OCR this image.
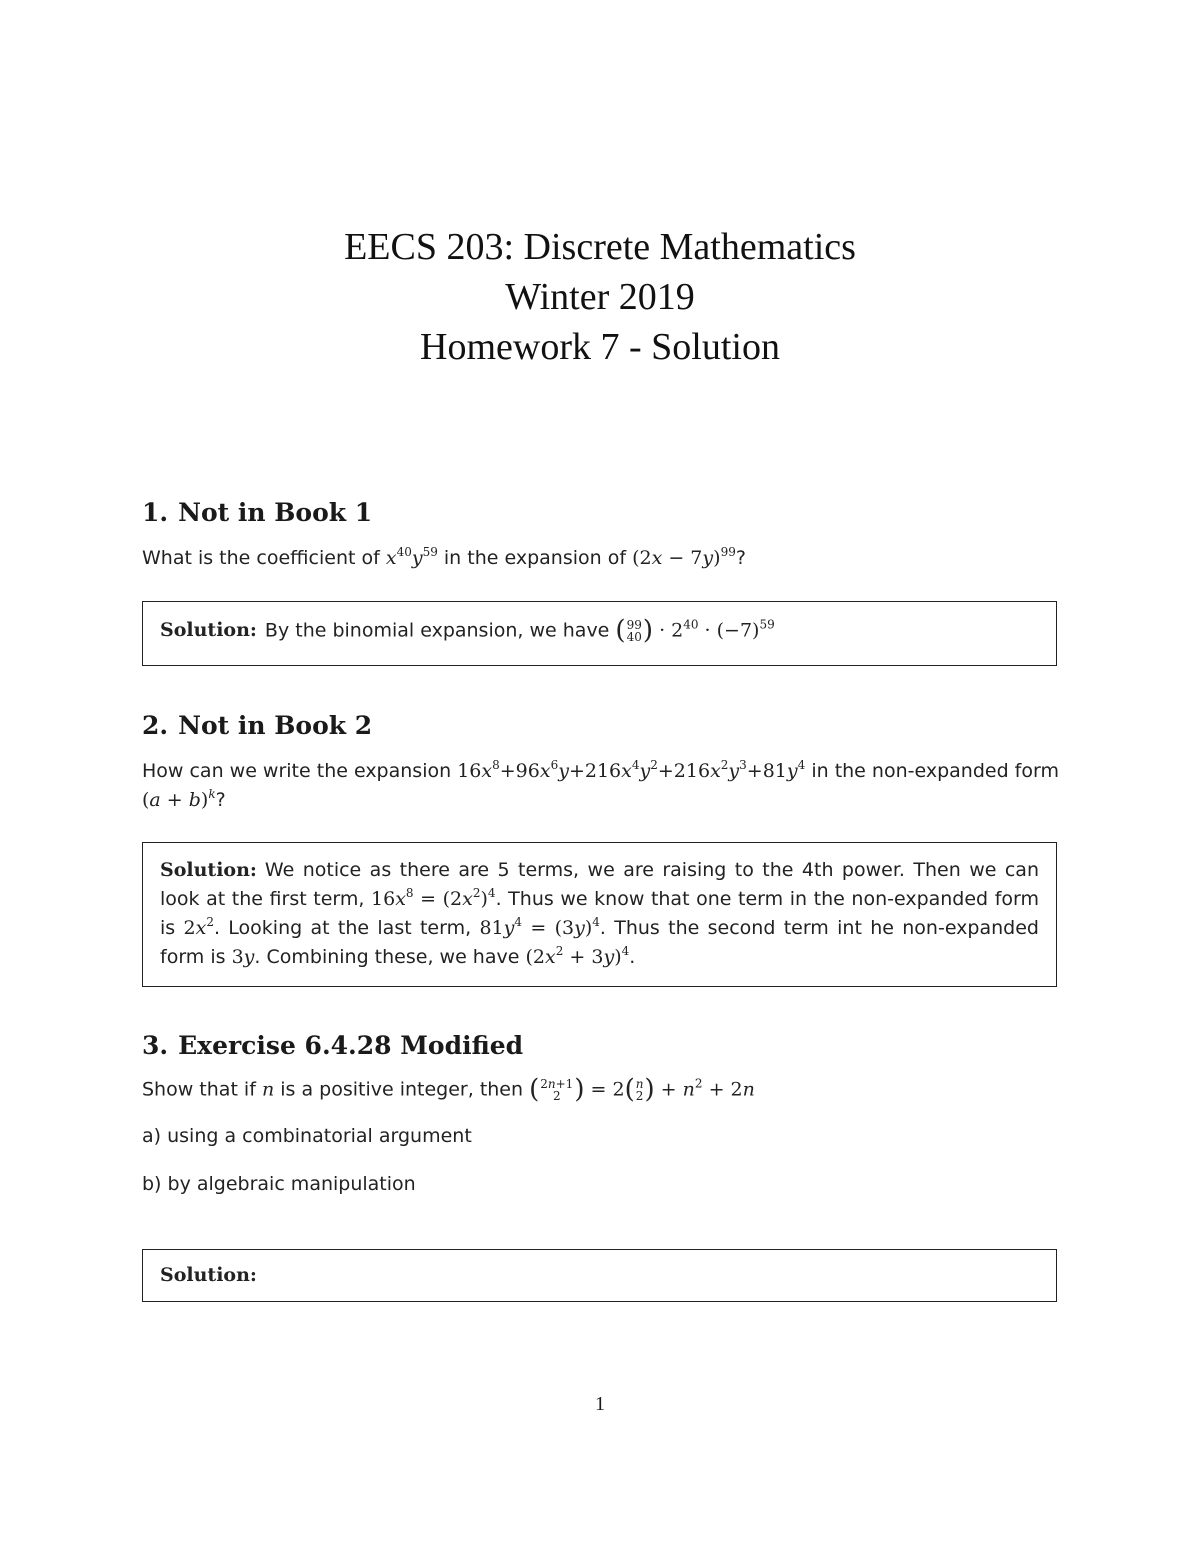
EECS 203: Discrete Mathematics
Winter 2019
Homework 7 - Solution
1. Not in Book 1

What is the coefficient of $x^{40}y^{59}$ in the expansion of $(2x - 7y)^{99}$?

Solution: By the binomial expansion, we have ( 99
40 ) · $2^{40} \cdot (-7)^{59}$

2. Not in Book 2

How can we write the expansion $16x^8+96x^6y+216x^4y^2+216x^2y^3+81y^4$ in the non-expanded form $(a + b)^k$?

Solution: We notice as there are 5 terms, we are raising to the 4th power. Then we can look at the first term, $16x^8 = (2x^2)^4$. Thus we know that one term in the non-expanded form is $2x^2$. Looking at the last term, $81y^4 = (3y)^4$. Thus the second term int he non-expanded form is 3y. Combining these, we have $(2x^2 + 3y)^4$.

3. Exercise 6.4.28 Modified

Show that if n is a positive integer, then ( 2n+1
2 ) = 2( n
2 ) + $n^2 + 2n$

a) using a combinatorial argument

b) by algebraic manipulation

Solution:

1
